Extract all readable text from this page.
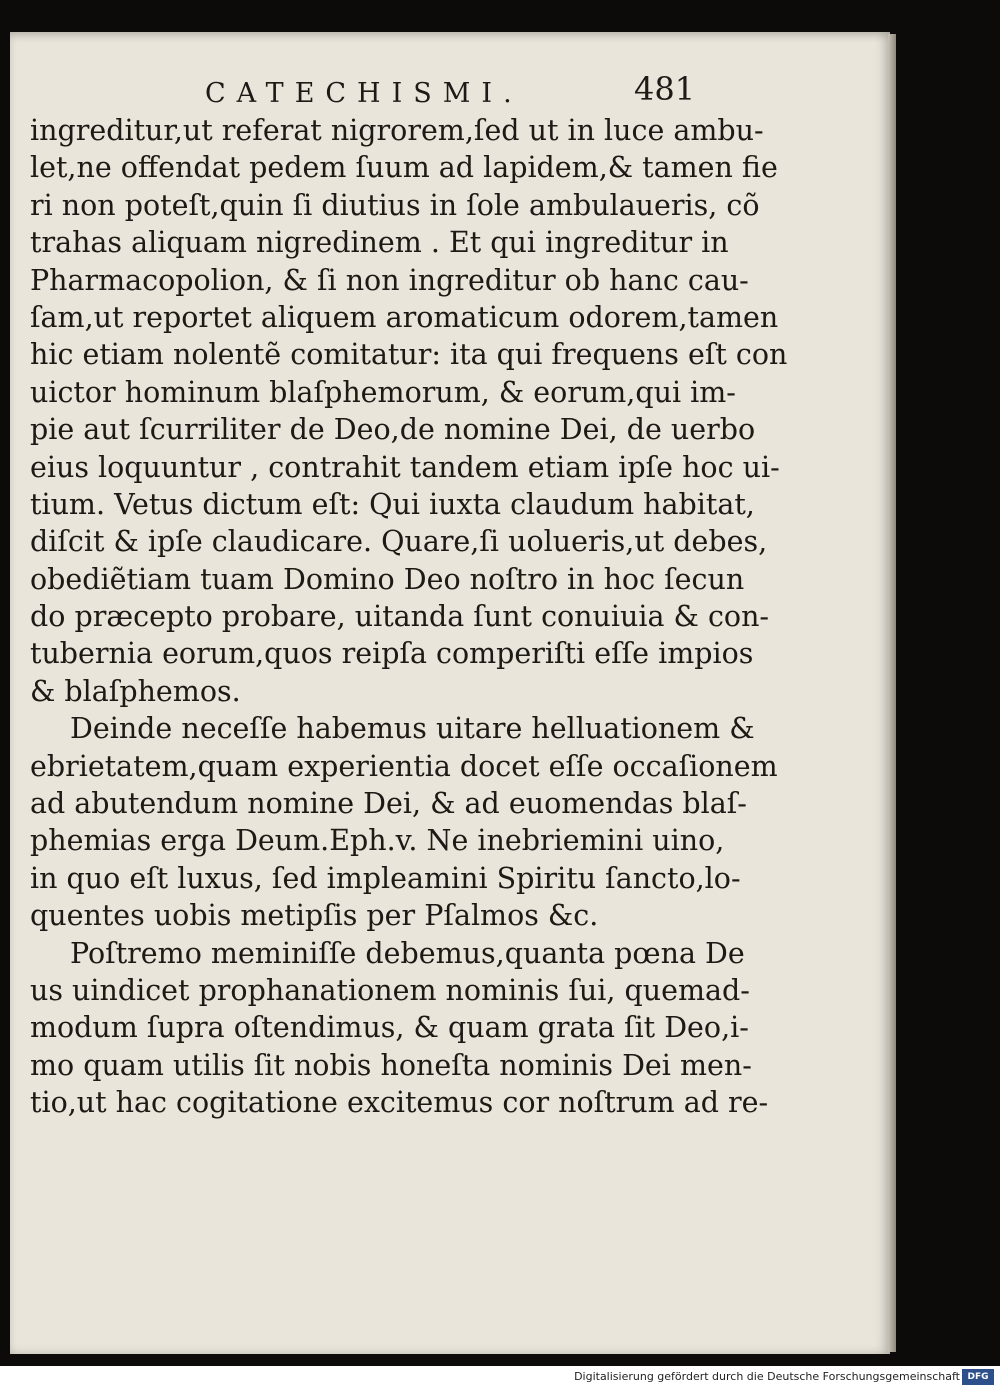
CATECHISMI.	481
ingreditur,ut referat nigrorem,ſed ut in luce ambu-
let,ne offendat pedem ſuum ad lapidem,& tamen fie
ri non poteſt,quin ſi diutius in ſole ambulaueris, cõ
trahas aliquam nigredinem . Et qui ingreditur in
Pharmacopolion, & ſi non ingreditur ob hanc cau-
ſam,ut reportet aliquem aromaticum odorem,tamen
hic etiam nolentẽ comitatur: ita qui frequens eſt con
uictor hominum blaſphemorum, & eorum,qui im-
pie aut ſcurriliter de Deo,de nomine Dei, de uerbo
eius loquuntur , contrahit tandem etiam ipſe hoc ui-
tium. Vetus dictum eſt: Qui iuxta claudum habitat,
diſcit & ipſe claudicare. Quare,ſi uolueris,ut debes,
obediẽtiam tuam Domino Deo noſtro in hoc ſecun
do præcepto probare, uitanda ſunt conuiuia & con-
tubernia eorum,quos reipſa comperiſti eſſe impios
& blaſphemos.
Deinde neceſſe habemus uitare helluationem &
ebrietatem,quam experientia docet eſſe occaſionem
ad abutendum nomine Dei, & ad euomendas blaſ-
phemias erga Deum.Eph.v. Ne inebriemini uino,
in quo eſt luxus, ſed impleamini Spiritu ſancto,lo-
quentes uobis metipſis per Pſalmos &c.
Poſtremo meminiſſe debemus,quanta pœna De
us uindicet prophanationem nominis ſui, quemad-
modum ſupra oſtendimus, & quam grata ſit Deo,i-
mo quam utilis ſit nobis honeſta nominis Dei men-
tio,ut hac cogitatione excitemus cor noſtrum ad re-
Digitalisierung gefördert durch die Deutsche Forschungsgemeinschaft DFG
